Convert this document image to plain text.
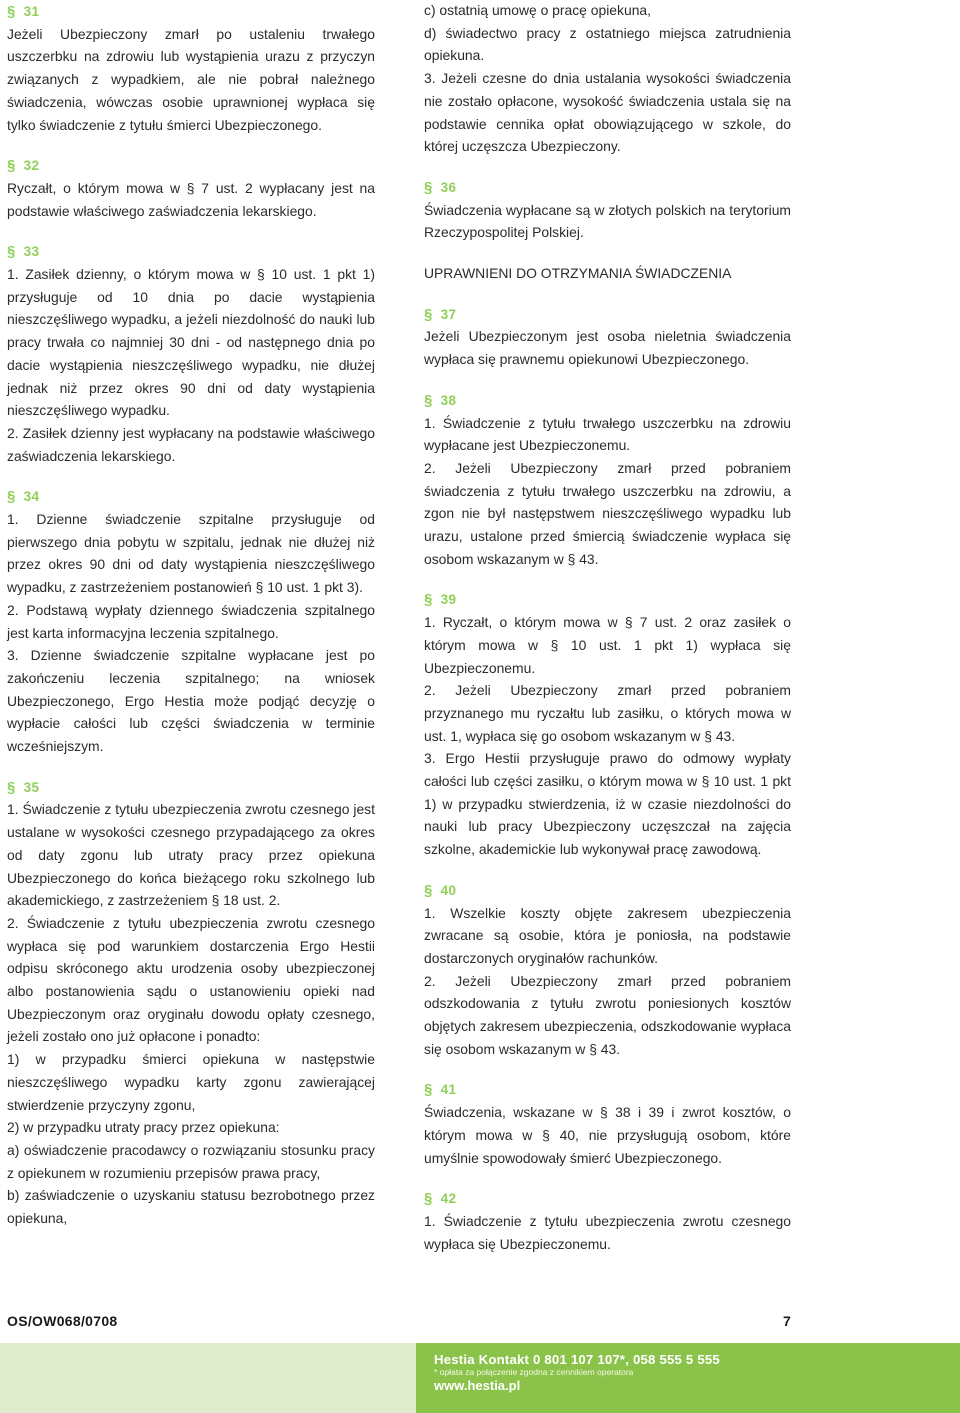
§ 31

Jeżeli Ubezpieczony zmarł po ustaleniu trwałego uszczerbku na zdrowiu lub wystąpienia urazu z przyczyn związanych z wypadkiem, ale nie pobrał należnego świadczenia, wówczas osobie uprawnionej wypłaca się tylko świadczenie z tytułu śmierci Ubezpieczonego.

§ 32

Ryczałt, o którym mowa w § 7 ust. 2 wypłacany jest na podstawie właściwego zaświadczenia lekarskiego.

§ 33

1. Zasiłek dzienny, o którym mowa w § 10 ust. 1 pkt 1) przysługuje od 10 dnia po dacie wystąpienia nieszczęśliwego wypadku, a jeżeli niezdolność do nauki lub pracy trwała co najmniej 30 dni - od następnego dnia po dacie wystąpienia nieszczęśliwego wypadku, nie dłużej jednak niż przez okres 90 dni od daty wystąpienia nieszczęśliwego wypadku.

2. Zasiłek dzienny jest wypłacany na podstawie właściwego zaświadczenia lekarskiego.

§ 34

1. Dzienne świadczenie szpitalne przysługuje od pierwszego dnia pobytu w szpitalu, jednak nie dłużej niż przez okres 90 dni od daty wystąpienia nieszczęśliwego wypadku, z zastrzeżeniem postanowień § 10 ust. 1 pkt 3).

2. Podstawą wypłaty dziennego świadczenia szpitalnego jest karta informacyjna leczenia szpitalnego.

3. Dzienne świadczenie szpitalne wypłacane jest po zakończeniu leczenia szpitalnego; na wniosek Ubezpieczonego, Ergo Hestia może podjąć decyzję o wypłacie całości lub części świadczenia w terminie wcześniejszym.

§ 35

1. Świadczenie z tytułu ubezpieczenia zwrotu czesnego jest ustalane w wysokości czesnego przypadającego za okres od daty zgonu lub utraty pracy przez opiekuna Ubezpieczonego do końca bieżącego roku szkolnego lub akademickiego, z zastrzeżeniem § 18 ust. 2.

2. Świadczenie z tytułu ubezpieczenia zwrotu czesnego wypłaca się pod warunkiem dostarczenia Ergo Hestii odpisu skróconego aktu urodzenia osoby ubezpieczonej albo postanowienia sądu o ustanowieniu opieki nad Ubezpieczonym oraz oryginału dowodu opłaty czesnego, jeżeli zostało ono już opłacone i ponadto:

1) w przypadku śmierci opiekuna w następstwie nieszczęśliwego wypadku karty zgonu zawierającej stwierdzenie przyczyny zgonu,

2) w przypadku utraty pracy przez opiekuna:

a) oświadczenie pracodawcy o rozwiązaniu stosunku pracy z opiekunem w rozumieniu przepisów prawa pracy,

b) zaświadczenie o uzyskaniu statusu bezrobotnego przez opiekuna,

c) ostatnią umowę o pracę opiekuna,

d) świadectwo pracy z ostatniego miejsca zatrudnienia opiekuna.

3. Jeżeli czesne do dnia ustalania wysokości świadczenia nie zostało opłacone, wysokość świadczenia ustala się na podstawie cennika opłat obowiązującego w szkole, do której uczęszcza Ubezpieczony.

§ 36

Świadczenia wypłacane są w złotych polskich na terytorium Rzeczypospolitej Polskiej.

UPRAWNIENI DO OTRZYMANIA ŚWIADCZENIA
§ 37

Jeżeli Ubezpieczonym jest osoba nieletnia świadczenia wypłaca się prawnemu opiekunowi Ubezpieczonego.

§ 38

1. Świadczenie z tytułu trwałego uszczerbku na zdrowiu wypłacane jest Ubezpieczonemu.

2. Jeżeli Ubezpieczony zmarł przed pobraniem świadczenia z tytułu trwałego uszczerbku na zdrowiu, a zgon nie był następstwem nieszczęśliwego wypadku lub urazu, ustalone przed śmiercią świadczenie wypłaca się osobom wskazanym w § 43.

§ 39

1. Ryczałt, o którym mowa w § 7 ust. 2 oraz zasiłek o którym mowa w § 10 ust. 1 pkt 1) wypłaca się Ubezpieczonemu.

2. Jeżeli Ubezpieczony zmarł przed pobraniem przyznanego mu ryczałtu lub zasiłku, o których mowa w ust. 1, wypłaca się go osobom wskazanym w § 43.

3. Ergo Hestii przysługuje prawo do odmowy wypłaty całości lub części zasiłku, o którym mowa w § 10 ust. 1 pkt 1) w przypadku stwierdzenia, iż w czasie niezdolności do nauki lub pracy Ubezpieczony uczęszczał na zajęcia szkolne, akademickie lub wykonywał pracę zawodową.

§ 40

1. Wszelkie koszty objęte zakresem ubezpieczenia zwracane są osobie, która je poniosła, na podstawie dostarczonych oryginałów rachunków.

2. Jeżeli Ubezpieczony zmarł przed pobraniem odszkodowania z tytułu zwrotu poniesionych kosztów objętych zakresem ubezpieczenia, odszkodowanie wypłaca się osobom wskazanym w § 43.

§ 41

Świadczenia, wskazane w § 38 i 39 i zwrot kosztów, o którym mowa w § 40, nie przysługują osobom, które umyślnie spowodowały śmierć Ubezpieczonego.

§ 42

1. Świadczenie z tytułu ubezpieczenia zwrotu czesnego wypłaca się Ubezpieczonemu.

OS/OW068/0708	7
Hestia Kontakt 0 801 107 107*, 058 555 5 555
* opłata za połączenie zgodna z cennikiem operatora
www.hestia.pl
